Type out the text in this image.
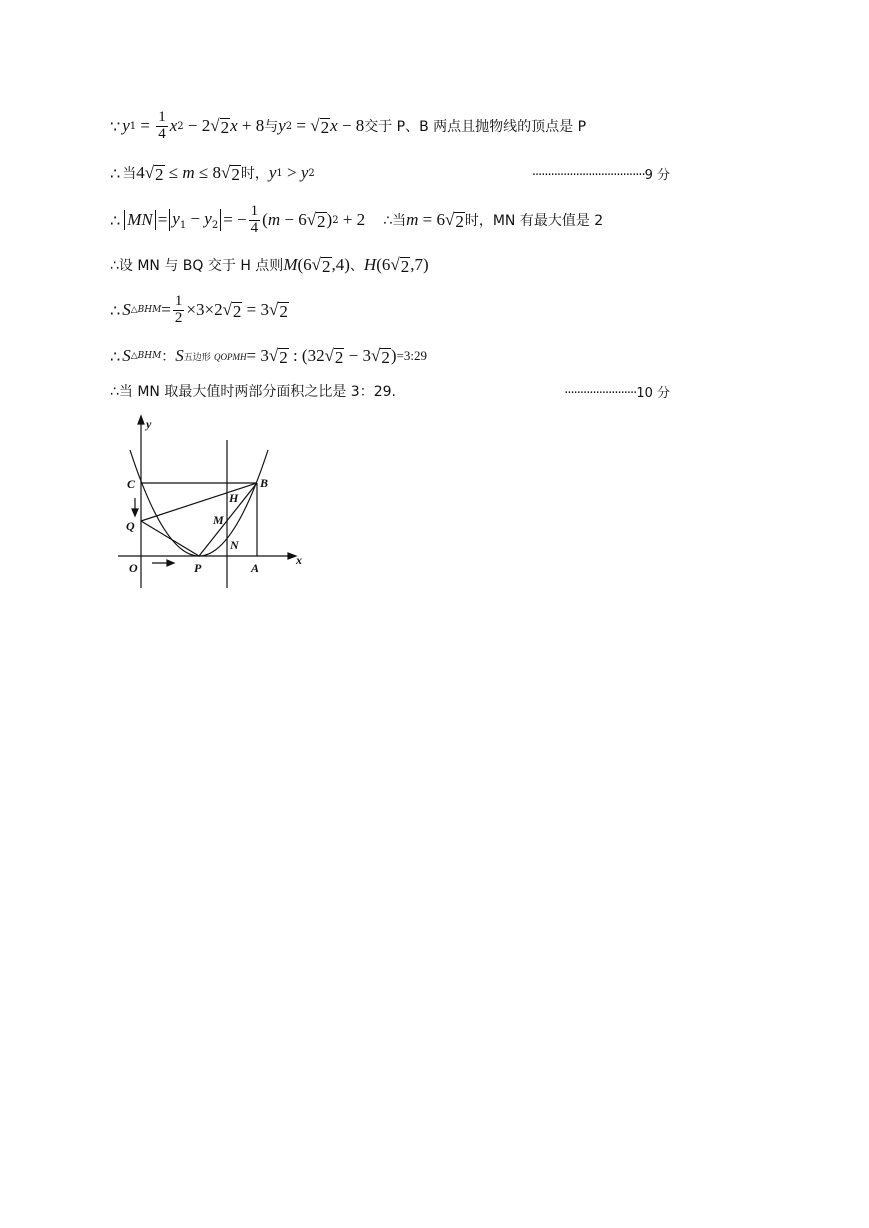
∵ y $1 = \frac{1}{4}$ x 2 − 2 √ 2 x + 8 与 y 2 = √ 2 x − 8 交于 P、B 两点且抛物线的顶点是 P
∴ 当 4 √ 2 ≤ m ≤ 8 √ 2 时， y 1 > y 2	····································9 分
∴ MN = $y_1 - y_2$ = − $\frac{1}{4}$ ( m − 6 √ 2 ) 2 + 2 ∴当 m = 6 √ 2 时，MN 有最大值是 2
∴设 MN 与 BQ 交于 H 点则 M (6 √ 2 ,4) 、 H (6 √ 2 ,7)
∴ S △BHM = $\frac{1}{2} \times 3\times 2$ √ 2 = 3 √ 2
∴ S △BHM ： S 五边形 QOPMH = 3 √ 2 : (32 √ 2 − 3 √ 2 ) =3:29
∴当 MN 取最大值时两部分面积之比是 3：29.	·······················10 分
y
x
C	B
Q
H
M
N
O	P	A
